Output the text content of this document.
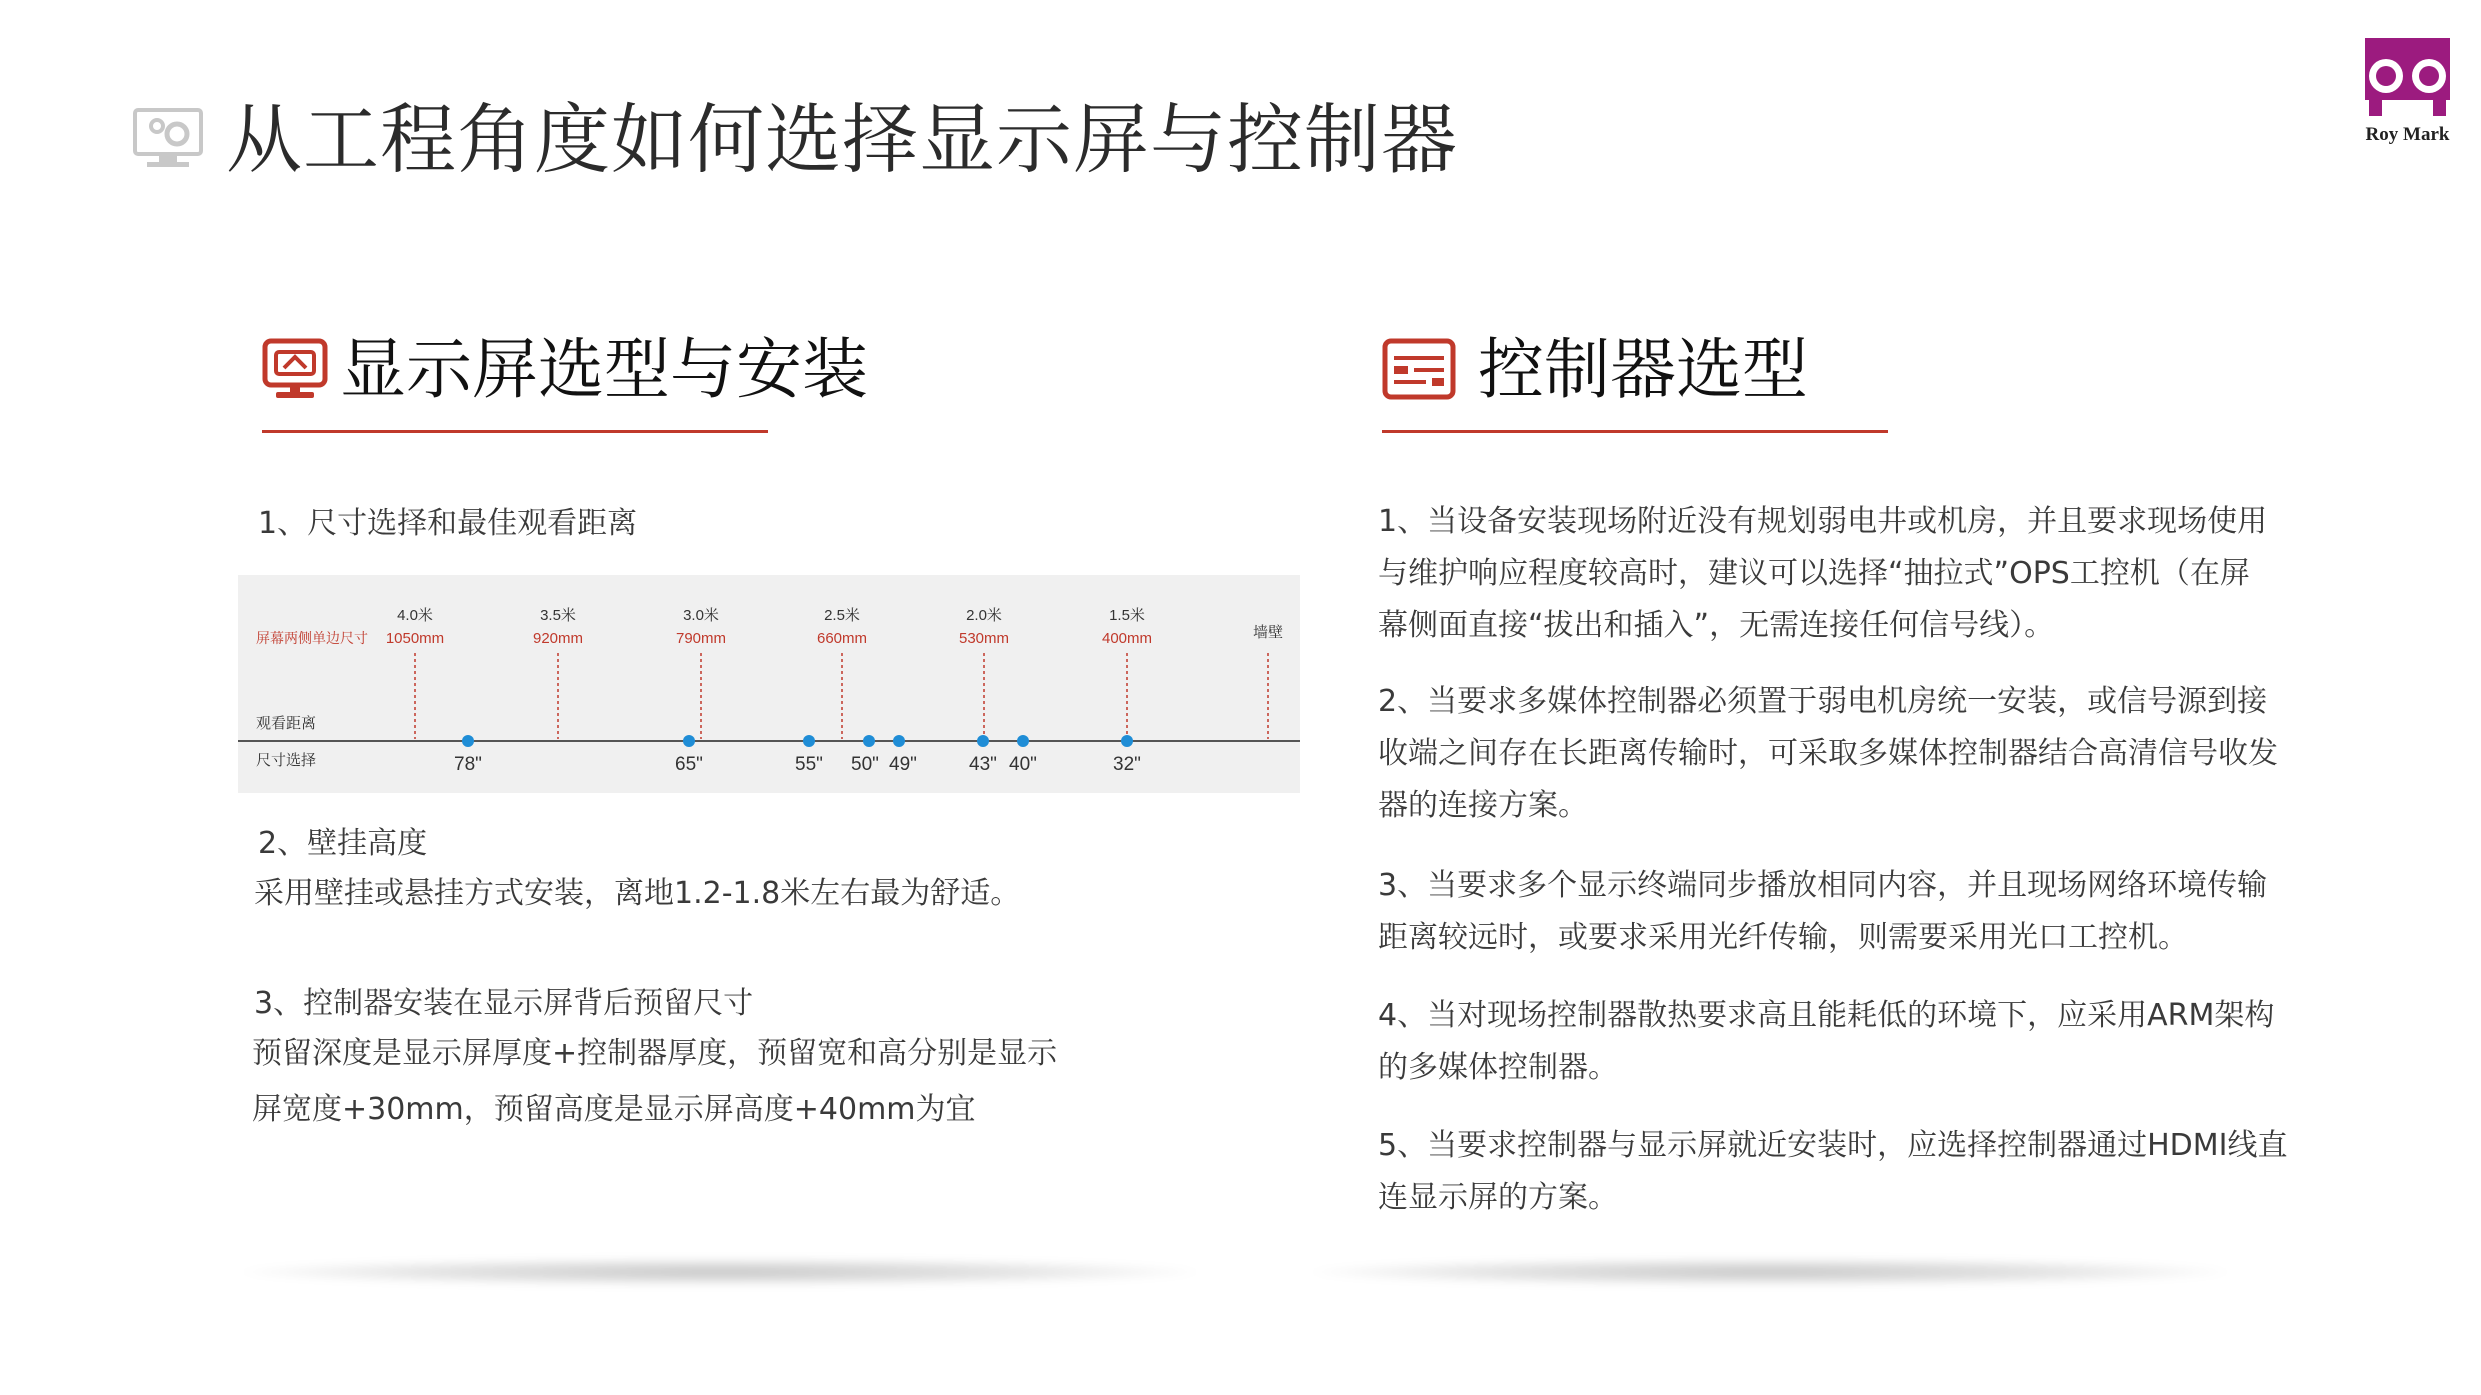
从工程角度如何选择显示屏与控制器	Roy Mark
显示屏选型与安装
1、尺寸选择和最佳观看距离
屏幕两侧单边尺寸
观看距离
尺寸选择
墙壁
4.0米
1050mm
3.5米
920mm
3.0米
790mm
2.5米
660mm
2.0米
530mm
1.5米
400mm
78"	65"	55" 50" 49"	43" 40"	32"
2、壁挂高度
采用壁挂或悬挂方式安装，离地1.2-1.8米左右最为舒适。
3、控制器安装在显示屏背后预留尺寸
预留深度是显示屏厚度+控制器厚度，预留宽和高分别是显示
屏宽度+30mm，预留高度是显示屏高度+40mm为宜
控制器选型
1、当设备安装现场附近没有规划弱电井或机房，并且要求现场使用
与维护响应程度较高时，建议可以选择“抽拉式”OPS工控机（在屏
幕侧面直接“拔出和插入”，无需连接任何信号线）。
2、当要求多媒体控制器必须置于弱电机房统一安装，或信号源到接
收端之间存在长距离传输时，可采取多媒体控制器结合高清信号收发
器的连接方案。
3、当要求多个显示终端同步播放相同内容，并且现场网络环境传输
距离较远时，或要求采用光纤传输，则需要采用光口工控机。
4、当对现场控制器散热要求高且能耗低的环境下，应采用ARM架构
的多媒体控制器。
5、当要求控制器与显示屏就近安装时，应选择控制器通过HDMI线直
连显示屏的方案。
